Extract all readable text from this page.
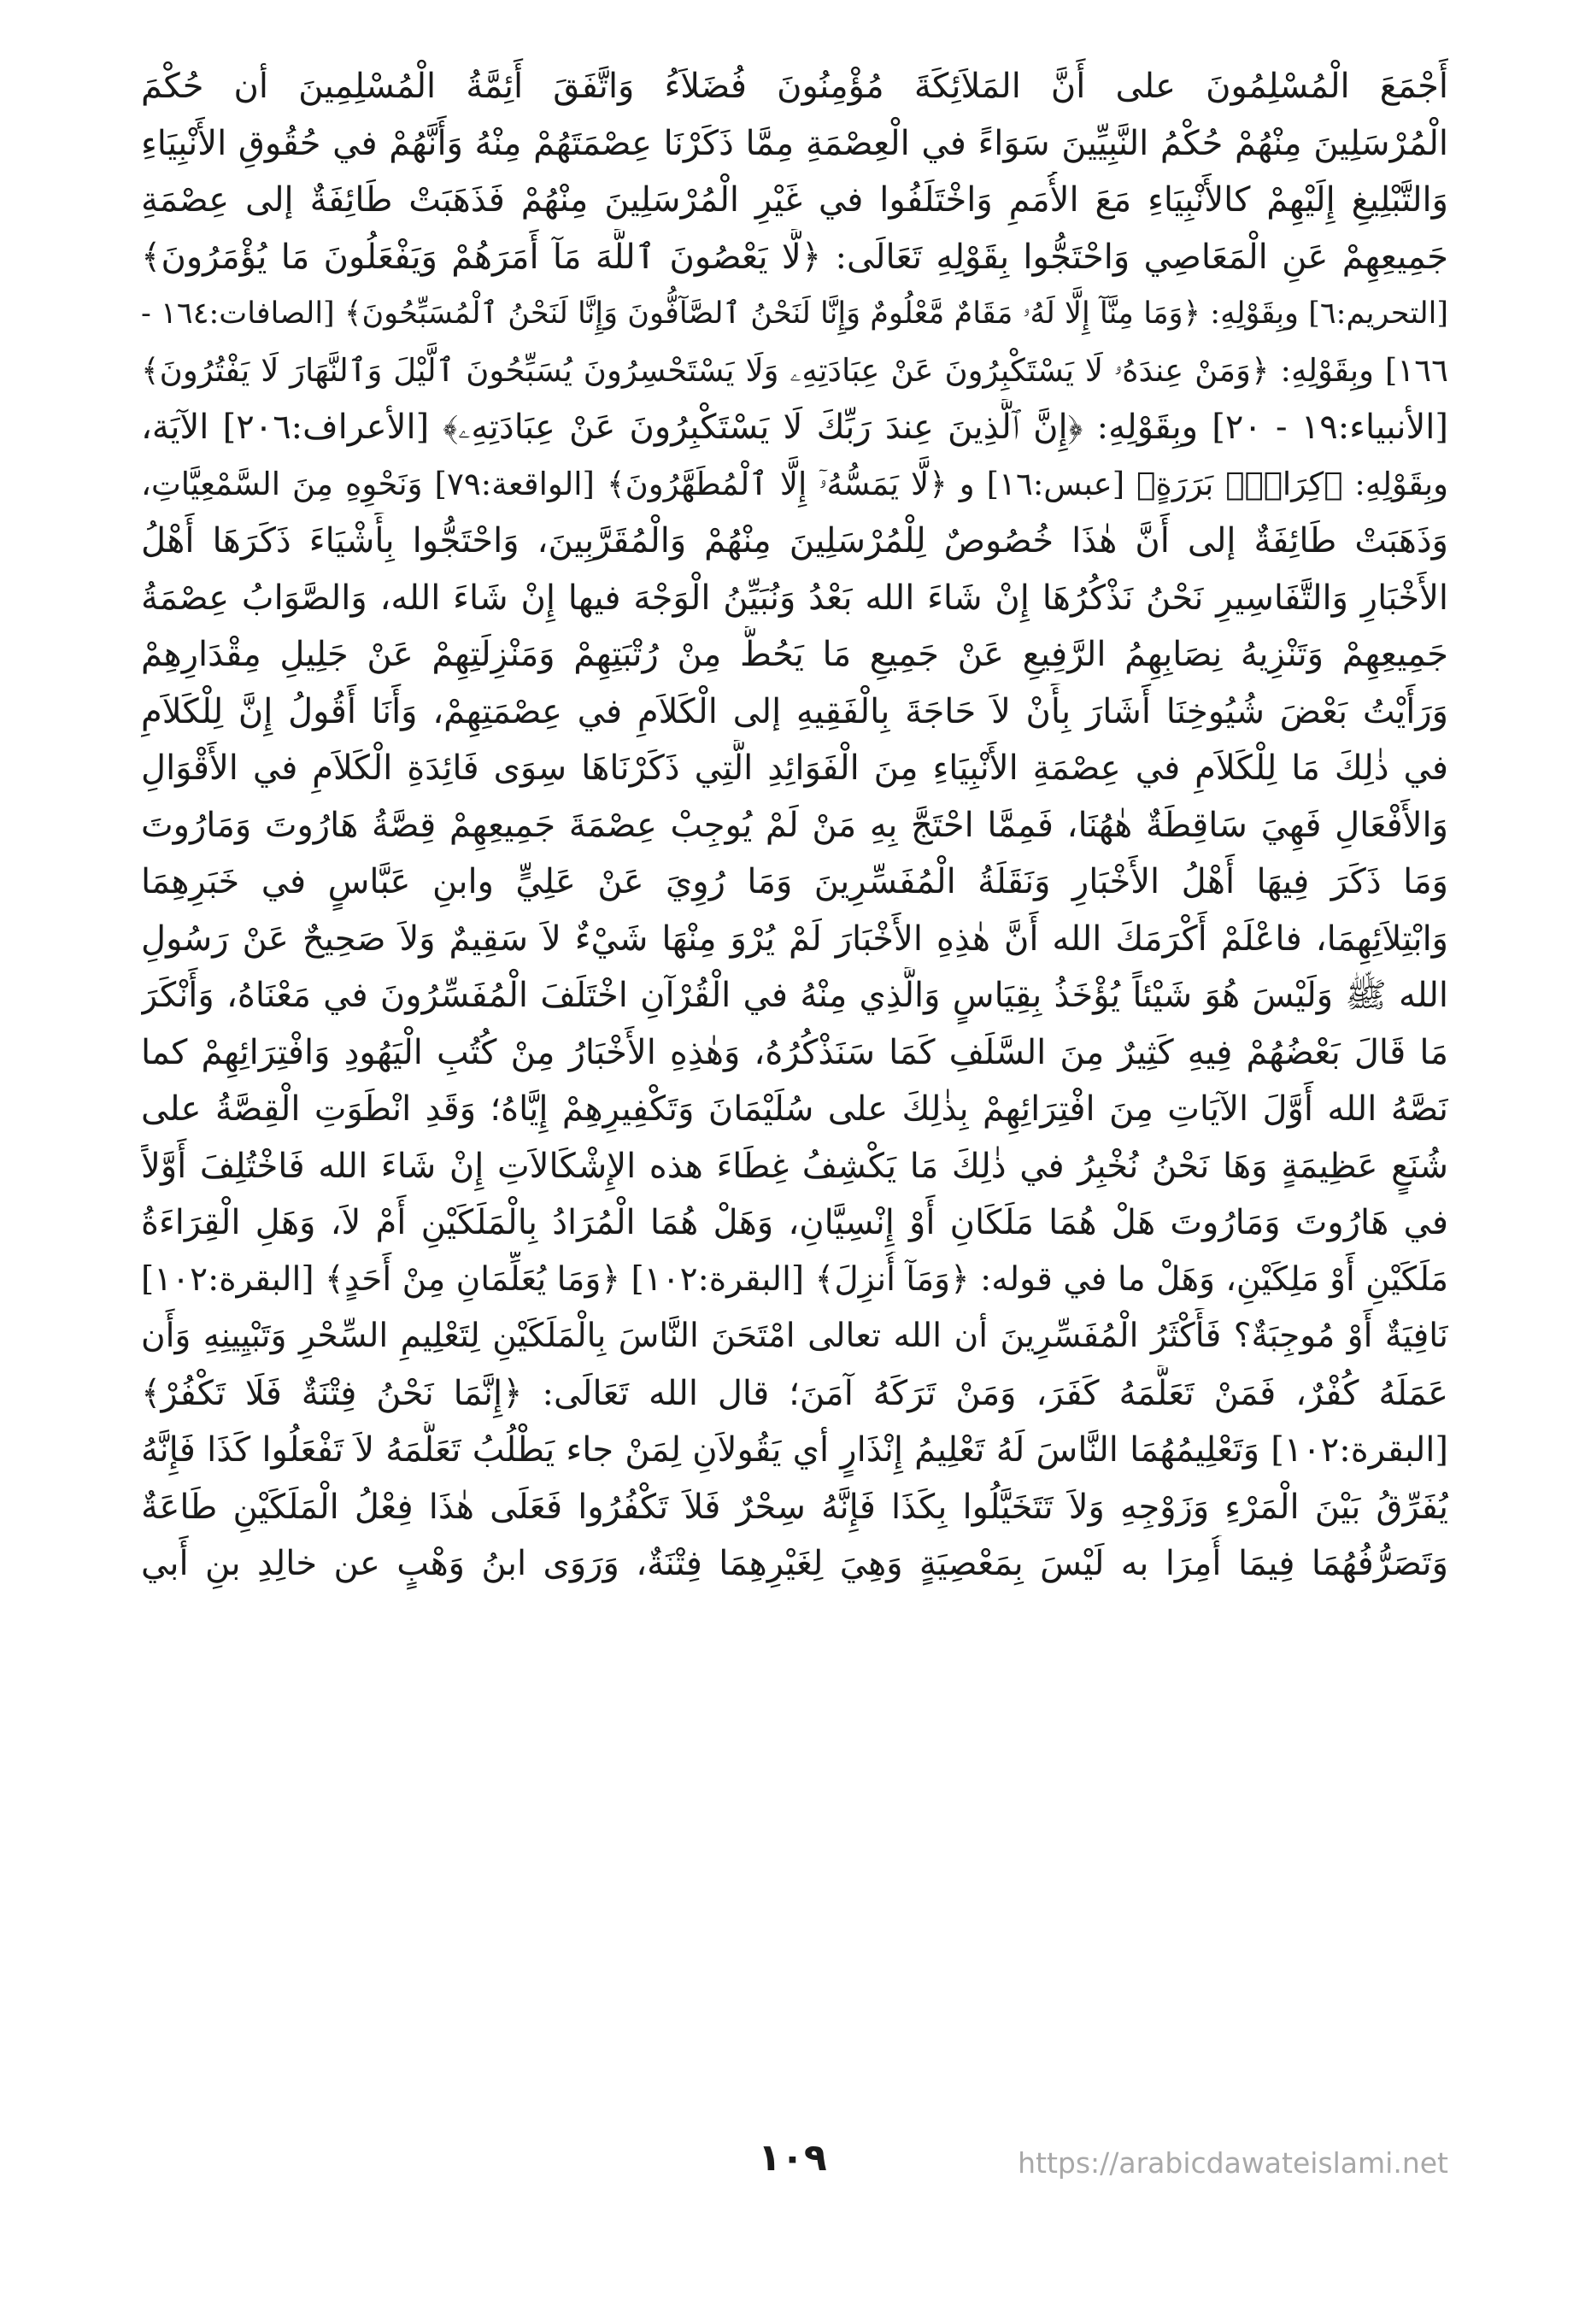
أَجْمَعَ الْمُسْلِمُونَ على أَنَّ المَلاَئِكَةَ مُؤْمِنُونَ فُضَلاَءُ وَاتَّفَقَ أَئِمَّةُ الْمُسْلِمِينَ أن حُكْمَ
الْمُرْسَلِينَ مِنْهُمْ حُكْمُ النَّبِيِّينَ سَوَاءً في الْعِصْمَةِ مِمَّا ذَكَرْنَا عِصْمَتَهُمْ مِنْهُ وَأَنَّهُمْ في حُقُوقِ الأَنْبِيَاءِ
وَالتَّبْلِيغِ إِلَيْهِمْ كالأَنْبِيَاءِ مَعَ الأُمَمِ وَاخْتَلَفُوا في غَيْرِ الْمُرْسَلِينَ مِنْهُمْ فَذَهَبَتْ طَائِفَةٌ إلى عِصْمَةِ
جَمِيعِهِمْ عَنِ الْمَعَاصِي وَاحْتَجُّوا بِقَوْلِهِ تَعَالَى: ﴿لَّا يَعْصُونَ ٱللَّهَ مَآ أَمَرَهُمْ وَيَفْعَلُونَ مَا يُؤْمَرُونَ﴾
[التحريم:٦] وبِقَوْلِهِ: ﴿وَمَا مِنَّآ إِلَّا لَهُۥ مَقَامٌ مَّعْلُومٌ وَإِنَّا لَنَحْنُ ٱلصَّآفُّونَ وَإِنَّا لَنَحْنُ ٱلْمُسَبِّحُونَ﴾ [الصافات:١٦٤ -
١٦٦] وبِقَوْلِهِ: ﴿وَمَنْ عِندَهُۥ لَا يَسْتَكْبِرُونَ عَنْ عِبَادَتِهِۦ وَلَا يَسْتَحْسِرُونَ يُسَبِّحُونَ ٱلَّيْلَ وَٱلنَّهَارَ لَا يَفْتُرُونَ﴾
[الأنبياء:١٩ - ٢٠] وبِقَوْلِهِ: ﴿إِنَّ ٱلَّذِينَ عِندَ رَبِّكَ لَا يَسْتَكْبِرُونَ عَنْ عِبَادَتِهِۦ﴾ [الأعراف:٢٠٦] الآيَة،
وبِقَوْلِهِ: ﴿كِرَامٍۭ بَرَرَةٍ﴾ [عبس:١٦] و ﴿لَّا يَمَسُّهُۥٓ إِلَّا ٱلْمُطَهَّرُونَ﴾ [الواقعة:٧٩] وَنَحْوِهِ مِنَ السَّمْعِيَّاتِ،
وَذَهَبَتْ طَائِفَةٌ إلى أَنَّ هٰذَا خُصُوصٌ لِلْمُرْسَلِينَ مِنْهُمْ وَالْمُقَرَّبِينَ، وَاحْتَجُّوا بِأَشْيَاءَ ذَكَرَهَا أَهْلُ
الأَخْبَارِ وَالتَّفَاسِيرِ نَحْنُ نَذْكُرُهَا إِنْ شَاءَ الله بَعْدُ وَنُبَيِّنُ الْوَجْهَ فيها إِنْ شَاءَ الله، وَالصَّوَابُ عِصْمَةُ
جَمِيعِهِمْ وَتَنْزِيهُ نِصَابِهِمُ الرَّفِيعِ عَنْ جَمِيعِ مَا يَحُطُّ مِنْ رُتْبَتِهِمْ وَمَنْزِلَتِهِمْ عَنْ جَلِيلِ مِقْدَارِهِمْ
وَرَأَيْتُ بَعْضَ شُيُوخِنَا أَشَارَ بِأَنْ لاَ حَاجَةَ بِالْفَقِيهِ إلى الْكَلاَمِ في عِصْمَتِهِمْ، وَأَنَا أَقُولُ إِنَّ لِلْكَلاَمِ
في ذٰلِكَ مَا لِلْكَلاَمِ في عِصْمَةِ الأَنْبِيَاءِ مِنَ الْفَوَائِدِ الَّتِي ذَكَرْنَاهَا سِوَى فَائِدَةِ الْكَلاَمِ في الأَقْوَالِ
وَالأَفْعَالِ فَهِيَ سَاقِطَةٌ هٰهُنَا، فَمِمَّا احْتَجَّ بِهِ مَنْ لَمْ يُوجِبْ عِصْمَةَ جَمِيعِهِمْ قِصَّةُ هَارُوتَ وَمَارُوتَ
وَمَا ذَكَرَ فِيهَا أَهْلُ الأَخْبَارِ وَنَقَلَةُ الْمُفَسِّرِينَ وَمَا رُوِيَ عَنْ عَلِيٍّ وابنِ عَبَّاسٍ في خَبَرِهِمَا
وَابْتِلاَئِهِمَا، فاعْلَمْ أَكْرَمَكَ الله أَنَّ هٰذِهِ الأَخْبَارَ لَمْ يُرْوَ مِنْهَا شَيْءٌ لاَ سَقِيمٌ وَلاَ صَحِيحٌ عَنْ رَسُولِ
الله ﷺ وَلَيْسَ هُوَ شَيْئاً يُؤْخَذُ بِقِيَاسٍ وَالَّذِي مِنْهُ في الْقُرْآنِ اخْتَلَفَ الْمُفَسِّرُونَ في مَعْنَاهُ، وَأَنْكَرَ
مَا قَالَ بَعْضُهُمْ فِيهِ كَثِيرٌ مِنَ السَّلَفِ كَمَا سَنَذْكُرُهُ، وَهٰذِهِ الأَخْبَارُ مِنْ كُتُبِ الْيَهُودِ وَافْتِرَائِهِمْ كما
نَصَّهُ الله أَوَّلَ الآيَاتِ مِنَ افْتِرَائِهِمْ بِذٰلِكَ على سُلَيْمَانَ وَتَكْفِيرِهِمْ إِيَّاهُ؛ وَقَدِ انْطَوَتِ الْقِصَّةُ على
شُنَعٍ عَظِيمَةٍ وَهَا نَحْنُ نُخْبِرُ في ذٰلِكَ مَا يَكْشِفُ غِطَاءَ هذه الإِشْكَالاَتِ إِنْ شَاءَ الله فَاخْتُلِفَ أَوَّلاً
في هَارُوتَ وَمَارُوتَ هَلْ هُمَا مَلَكَانِ أَوْ إِنْسِيَّانِ، وَهَلْ هُمَا الْمُرَادُ بِالْمَلَكَيْنِ أَمْ لاَ، وَهَلِ الْقِرَاءَةُ
مَلَكَيْنِ أَوْ مَلِكَيْنِ، وَهَلْ ما في قوله: ﴿وَمَآ أُنزِلَ﴾ [البقرة:١٠٢] ﴿وَمَا يُعَلِّمَانِ مِنْ أَحَدٍ﴾ [البقرة:١٠٢]
نَافِيَةٌ أَوْ مُوجِبَةٌ؟ فَأَكْثَرُ الْمُفَسِّرِينَ أن الله تعالى امْتَحَنَ النَّاسَ بِالْمَلَكَيْنِ لِتَعْلِيمِ السِّحْرِ وَتَبْيِينِهِ وَأَن
عَمَلَهُ كُفْرٌ، فَمَنْ تَعَلَّمَهُ كَفَرَ، وَمَنْ تَرَكَهُ آمَنَ؛ قال الله تَعَالَى: ﴿إِنَّمَا نَحْنُ فِتْنَةٌ فَلَا تَكْفُرْ﴾
[البقرة:١٠٢] وَتَعْلِيمُهُمَا النَّاسَ لَهُ تَعْلِيمُ إِنْذَارٍ أي يَقُولاَنِ لِمَنْ جاء يَطْلُبُ تَعَلُّمَهُ لاَ تَفْعَلُوا كَذَا فَإِنَّهُ
يُفَرِّقُ بَيْنَ الْمَرْءِ وَزَوْجِهِ وَلاَ تَتَخَيَّلُوا بِكَذَا فَإِنَّهُ سِحْرٌ فَلاَ تَكْفُرُوا فَعَلَى هٰذَا فِعْلُ الْمَلَكَيْنِ طَاعَةٌ
وَتَصَرُّفُهُمَا فِيمَا أُمِرَا به لَيْسَ بِمَعْصِيَةٍ وَهِيَ لِغَيْرِهِمَا فِتْنَةٌ، وَرَوَى ابنُ وَهْبٍ عن خالِدِ بنِ أَبي
١٠٩	https://arabicdawateislami.net
